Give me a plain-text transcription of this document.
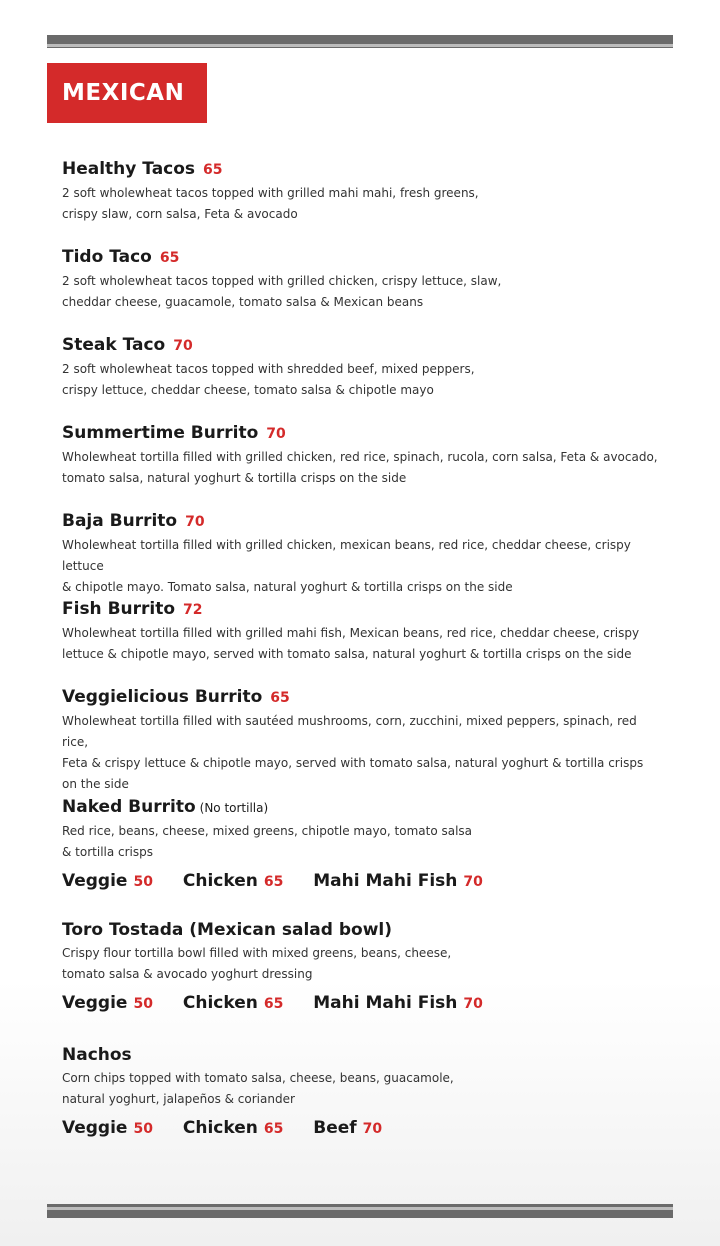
MEXICAN
Healthy Tacos 65
2 soft wholewheat tacos topped with grilled mahi mahi, fresh greens,
crispy slaw, corn salsa, Feta & avocado
Tido Taco 65
2 soft wholewheat tacos topped with grilled chicken, crispy lettuce, slaw,
cheddar cheese, guacamole, tomato salsa & Mexican beans
Steak Taco 70
2 soft wholewheat tacos topped with shredded beef, mixed peppers,
crispy lettuce, cheddar cheese, tomato salsa & chipotle mayo
Summertime Burrito 70
Wholewheat tortilla filled with grilled chicken, red rice, spinach, rucola, corn salsa, Feta & avocado,
tomato salsa, natural yoghurt & tortilla crisps on the side
Baja Burrito 70
Wholewheat tortilla filled with grilled chicken, mexican beans, red rice, cheddar cheese, crispy lettuce
& chipotle mayo. Tomato salsa, natural yoghurt & tortilla crisps on the side
Fish Burrito 72
Wholewheat tortilla filled with grilled mahi fish, Mexican beans, red rice, cheddar cheese, crispy
lettuce & chipotle mayo, served with tomato salsa, natural yoghurt & tortilla crisps on the side
Veggielicious Burrito 65
Wholewheat tortilla filled with sautéed mushrooms, corn, zucchini, mixed peppers, spinach, red rice,
Feta & crispy lettuce & chipotle mayo, served with tomato salsa, natural yoghurt & tortilla crisps
on the side
Naked Burrito (No tortilla)
Red rice, beans, cheese, mixed greens, chipotle mayo, tomato salsa
& tortilla crisps
Veggie 50 Chicken 65 Mahi Mahi Fish 70
Toro Tostada (Mexican salad bowl)
Crispy flour tortilla bowl filled with mixed greens, beans, cheese,
tomato salsa & avocado yoghurt dressing
Veggie 50 Chicken 65 Mahi Mahi Fish 70
Nachos
Corn chips topped with tomato salsa, cheese, beans, guacamole,
natural yoghurt, jalapeños & coriander
Veggie 50 Chicken 65 Beef 70
